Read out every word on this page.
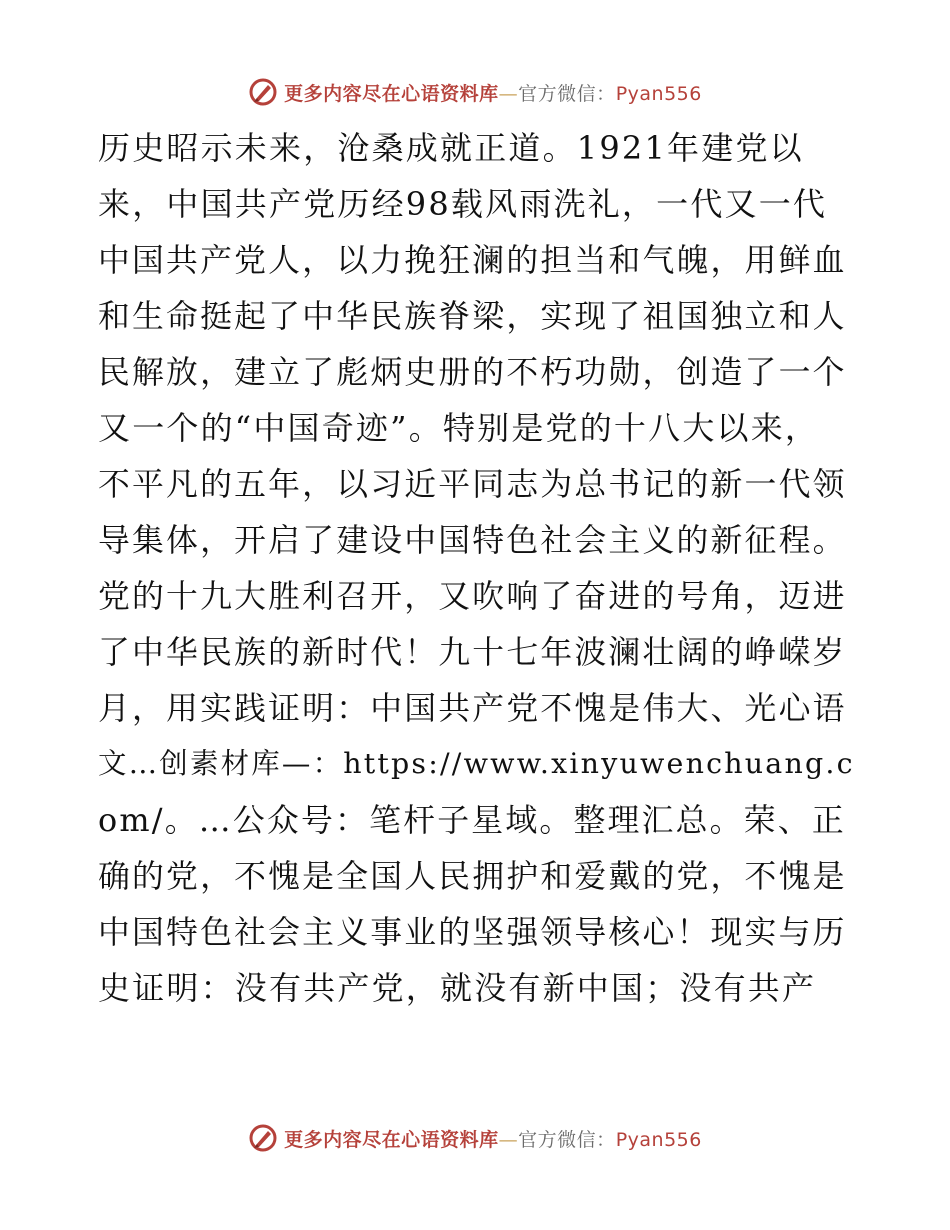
更多内容尽在心语资料库—官方微信：Pyan556
历史昭示未来，沧桑成就正道。1921年建党以
来，中国共产党历经98载风雨洗礼，一代又一代
中国共产党人，以力挽狂澜的担当和气魄，用鲜血
和生命挺起了中华民族脊梁，实现了祖国独立和人
民解放，建立了彪炳史册的不朽功勋，创造了一个
又一个的“中国奇迹”。特别是党的十八大以来，
不平凡的五年，以习近平同志为总书记的新一代领
导集体，开启了建设中国特色社会主义的新征程。
党的十九大胜利召开，又吹响了奋进的号角，迈进
了中华民族的新时代！九十七年波澜壮阔的峥嵘岁
月，用实践证明：中国共产党不愧是伟大、光心语
文…创素材库—：https://www.xinyuwenchuang.c
om/。…公众号：笔杆子星域。整理汇总。荣、正
确的党，不愧是全国人民拥护和爱戴的党，不愧是
中国特色社会主义事业的坚强领导核心！现实与历
史证明：没有共产党，就没有新中国；没有共产
更多内容尽在心语资料库—官方微信：Pyan556
